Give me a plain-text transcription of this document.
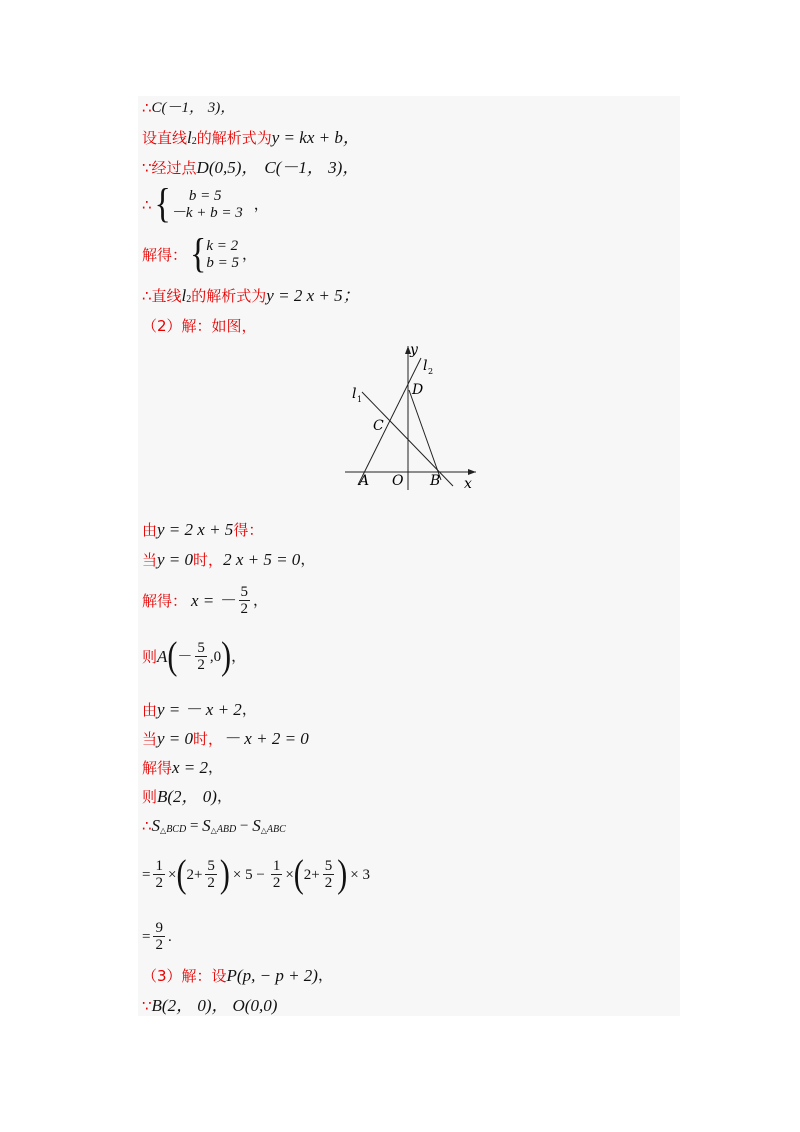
∴ C(－1， 3)，
设直线 l 2 的解析式为 y = kx + b，
∵经过点 D(0,5)， C(－1， 3)，
∴ { b = 5
－k + b = 3 ，
解得： { k = 2
b = 5 ，
∴直线 l 2 的解析式为 y = 2 x + 5；
（2）解：如图，
y
x
l 2
l 1
D
C
A O B
由 y = 2 x + 5 得：
当 y = 0 时， 2 x + 5 = 0 ，
解得： x = － $\frac{5}{2}$ ，
则 A ( － $\frac{5}{2} ,0$ ) ，
由 y = － x + 2 ，
当 y = 0 时， － x + 2 = 0
解得 x = 2 ，
则 B(2， 0) ，
∴ S △ BCD = S △ ABD − S △ ABC
= $\frac{1}{2}$ × ( $2+ \frac{5}{2}$ ) × $5 - \frac{1}{2}$ × ( $2+ \frac{5}{2}$ ) × 3
= $\frac{9}{2}$ .
（3）解：设 P(p, − p + 2) ，
∵ B(2， 0)， O(0,0)
